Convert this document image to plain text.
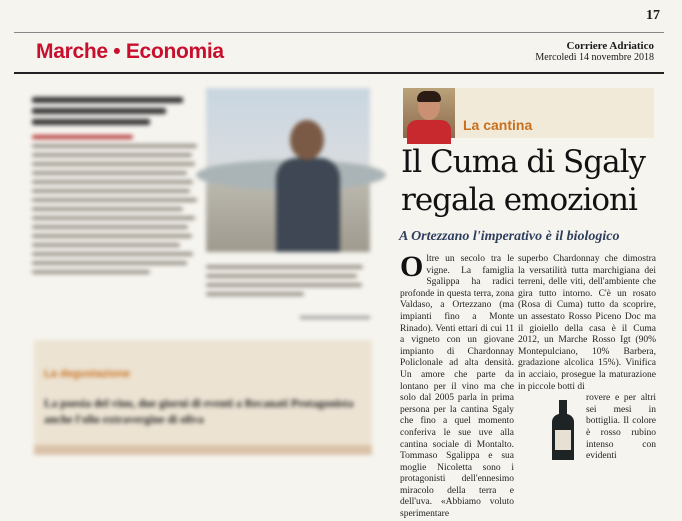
17
Marche • Economia	Corriere Adriatico
Mercoledì 14 novembre 2018
La degustazione
La poesia del vino, due giorni di eventi a Recanati Protagonista anche l'olio extravergine di oliva
La cantina
Il Cuma di Sgaly regala emozioni
A Ortezzano l'imperativo è il biologico
Oltre un secolo tra le vigne. La famiglia Sgalippa ha radici profonde in questa terra, zona Valdaso, a Ortezzano (ma impianti fino a Monte Rinado). Venti ettari di cui 11 a vigneto con un giovane impianto di Chardonnay Policlonale ad alta densità. Un amore che parte da lontano per il vino ma che solo dal 2005 parla in prima persona per la cantina Sgaly che fino a quel momento conferiva le sue uve alla cantina sociale di Montalto. Tommaso Sgalippa e sua moglie Nicoletta sono i protagonisti dell'ennesimo miracolo della terra e dell'uva. «Abbiamo voluto sperimentare
superbo Chardonnay che dimostra la versatilità tutta marchigiana dei terreni, delle viti, dell'ambiente che gira tutto intorno. C'è un rosato (Rosa di Cuma) tutto da scoprire, un assestato Rosso Piceno Doc ma il gioiello della casa è il Cuma 2012, un Marche Rosso Igt (90% Montepulciano, 10% Barbera, gradazione alcolica 15%). Vinifica in acciaio, prosegue la maturazione in piccole botti di
rovere e per altri sei mesi in bottiglia. Il colore è rosso rubino intenso con evidenti
